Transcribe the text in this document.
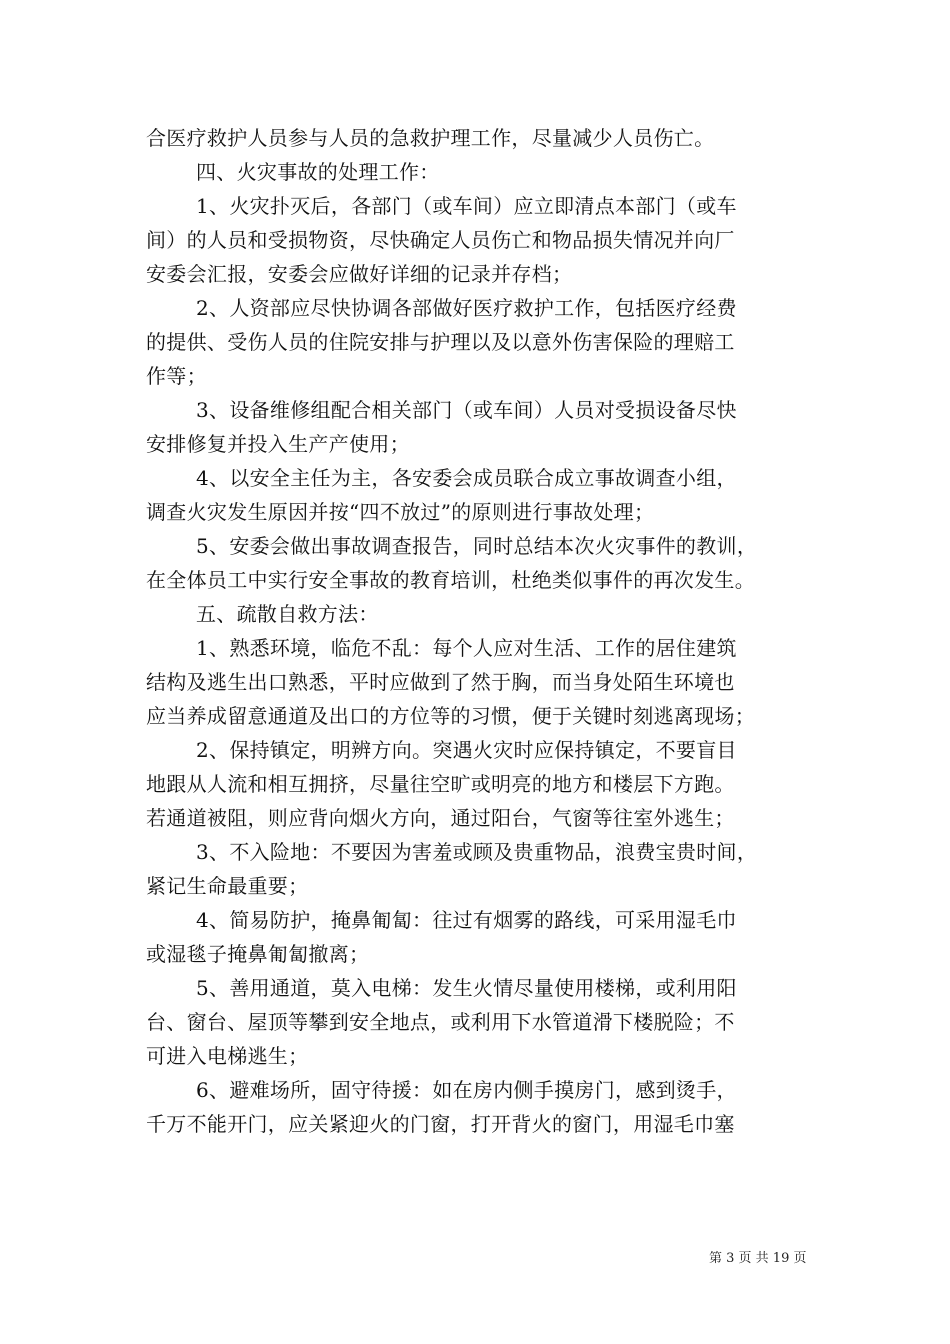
合医疗救护人员参与人员的急救护理工作，尽量减少人员伤亡。
四、火灾事故的处理工作：
1、火灾扑灭后，各部门（或车间）应立即清点本部门（或车
间）的人员和受损物资，尽快确定人员伤亡和物品损失情况并向厂
安委会汇报，安委会应做好详细的记录并存档；
2、人资部应尽快协调各部做好医疗救护工作，包括医疗经费
的提供、受伤人员的住院安排与护理以及以意外伤害保险的理赔工
作等；
3、设备维修组配合相关部门（或车间）人员对受损设备尽快
安排修复并投入生产产使用；
4、以安全主任为主，各安委会成员联合成立事故调查小组，
调查火灾发生原因并按“四不放过”的原则进行事故处理；
5、安委会做出事故调查报告，同时总结本次火灾事件的教训，
在全体员工中实行安全事故的教育培训，杜绝类似事件的再次发生。
五、疏散自救方法：
1、熟悉环境，临危不乱：每个人应对生活、工作的居住建筑
结构及逃生出口熟悉，平时应做到了然于胸，而当身处陌生环境也
应当养成留意通道及出口的方位等的习惯，便于关键时刻逃离现场；
2、保持镇定，明辨方向。突遇火灾时应保持镇定，不要盲目
地跟从人流和相互拥挤，尽量往空旷或明亮的地方和楼层下方跑。
若通道被阻，则应背向烟火方向，通过阳台，气窗等往室外逃生；
3、不入险地：不要因为害羞或顾及贵重物品，浪费宝贵时间，
紧记生命最重要；
4、简易防护，掩鼻匍匐：往过有烟雾的路线，可采用湿毛巾
或湿毯子掩鼻匍匐撤离；
5、善用通道，莫入电梯：发生火情尽量使用楼梯，或利用阳
台、窗台、屋顶等攀到安全地点，或利用下水管道滑下楼脱险；不
可进入电梯逃生；
6、避难场所，固守待援：如在房内侧手摸房门，感到烫手，
千万不能开门，应关紧迎火的门窗，打开背火的窗门，用湿毛巾塞
第 3 页 共 19 页
